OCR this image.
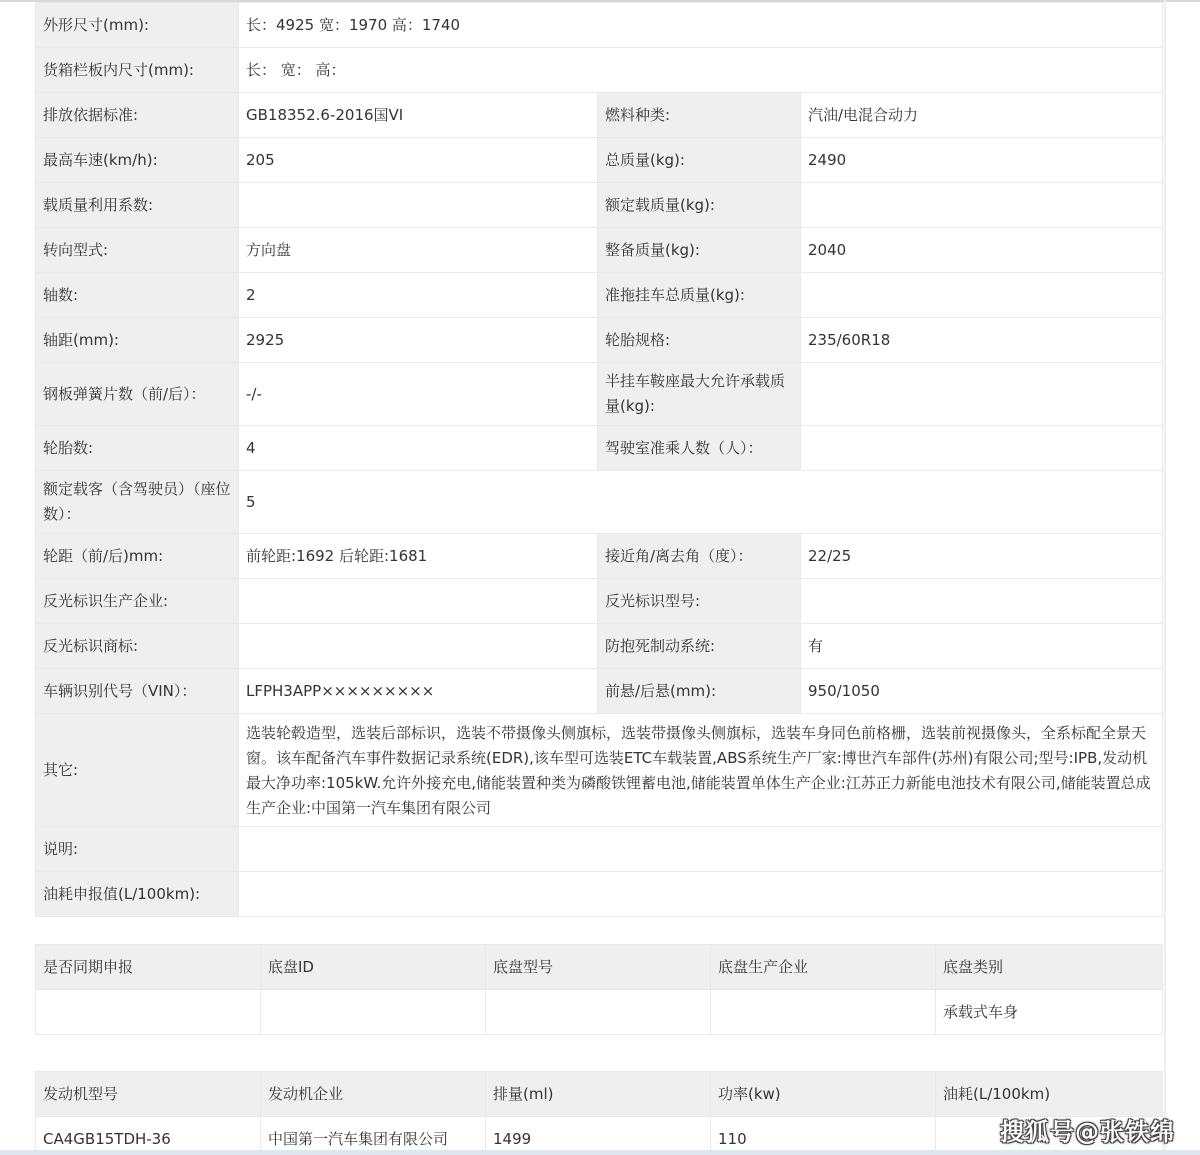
外形尺寸(mm):	长：4925 宽：1970 高：1740		
货箱栏板内尺寸(mm):	长： 宽： 高：		
排放依据标准:	GB18352.6-2016国VI	燃料种类:	汽油/电混合动力
最高车速(km/h):	205	总质量(kg):	2490
载质量利用系数:		额定载质量(kg):	
转向型式:	方向盘	整备质量(kg):	2040
轴数:	2	准拖挂车总质量(kg):	
轴距(mm):	2925	轮胎规格:	235/60R18
钢板弹簧片数（前/后）：	-/-	半挂车鞍座最大允许承载质量(kg):	
轮胎数:	4	驾驶室准乘人数（人）：	
额定载客（含驾驶员）（座位数）：	5		
轮距（前/后)mm:	前轮距:1692 后轮距:1681	接近角/离去角（度）：	22/25
反光标识生产企业:		反光标识型号:	
反光标识商标:		防抱死制动系统:	有
车辆识别代号（VIN）：	LFPH3APP×××××××××	前悬/后悬(mm):	950/1050
其它:	选装轮毂造型，选装后部标识，选装不带摄像头侧旗标，选装带摄像头侧旗标，选装车身同色前格栅，选装前视摄像头，全系标配全景天窗。该车配备汽车事件数据记录系统(EDR),该车型可选装ETC车载装置,ABS系统生产厂家:博世汽车部件(苏州)有限公司;型号:IPB,发动机最大净功率:105kW.允许外接充电,储能装置种类为磷酸铁锂蓄电池,储能装置单体生产企业:江苏正力新能电池技术有限公司,储能装置总成生产企业:中国第一汽车集团有限公司		
说明:			
油耗申报值(L/100km):			
是否同期申报	底盘ID	底盘型号	底盘生产企业	底盘类别
				承载式车身
发动机型号	发动机企业	排量(ml)	功率(kw)	油耗(L/100km)
CA4GB15TDH-36	中国第一汽车集团有限公司	1499	110		搜狐号@张铁绵
